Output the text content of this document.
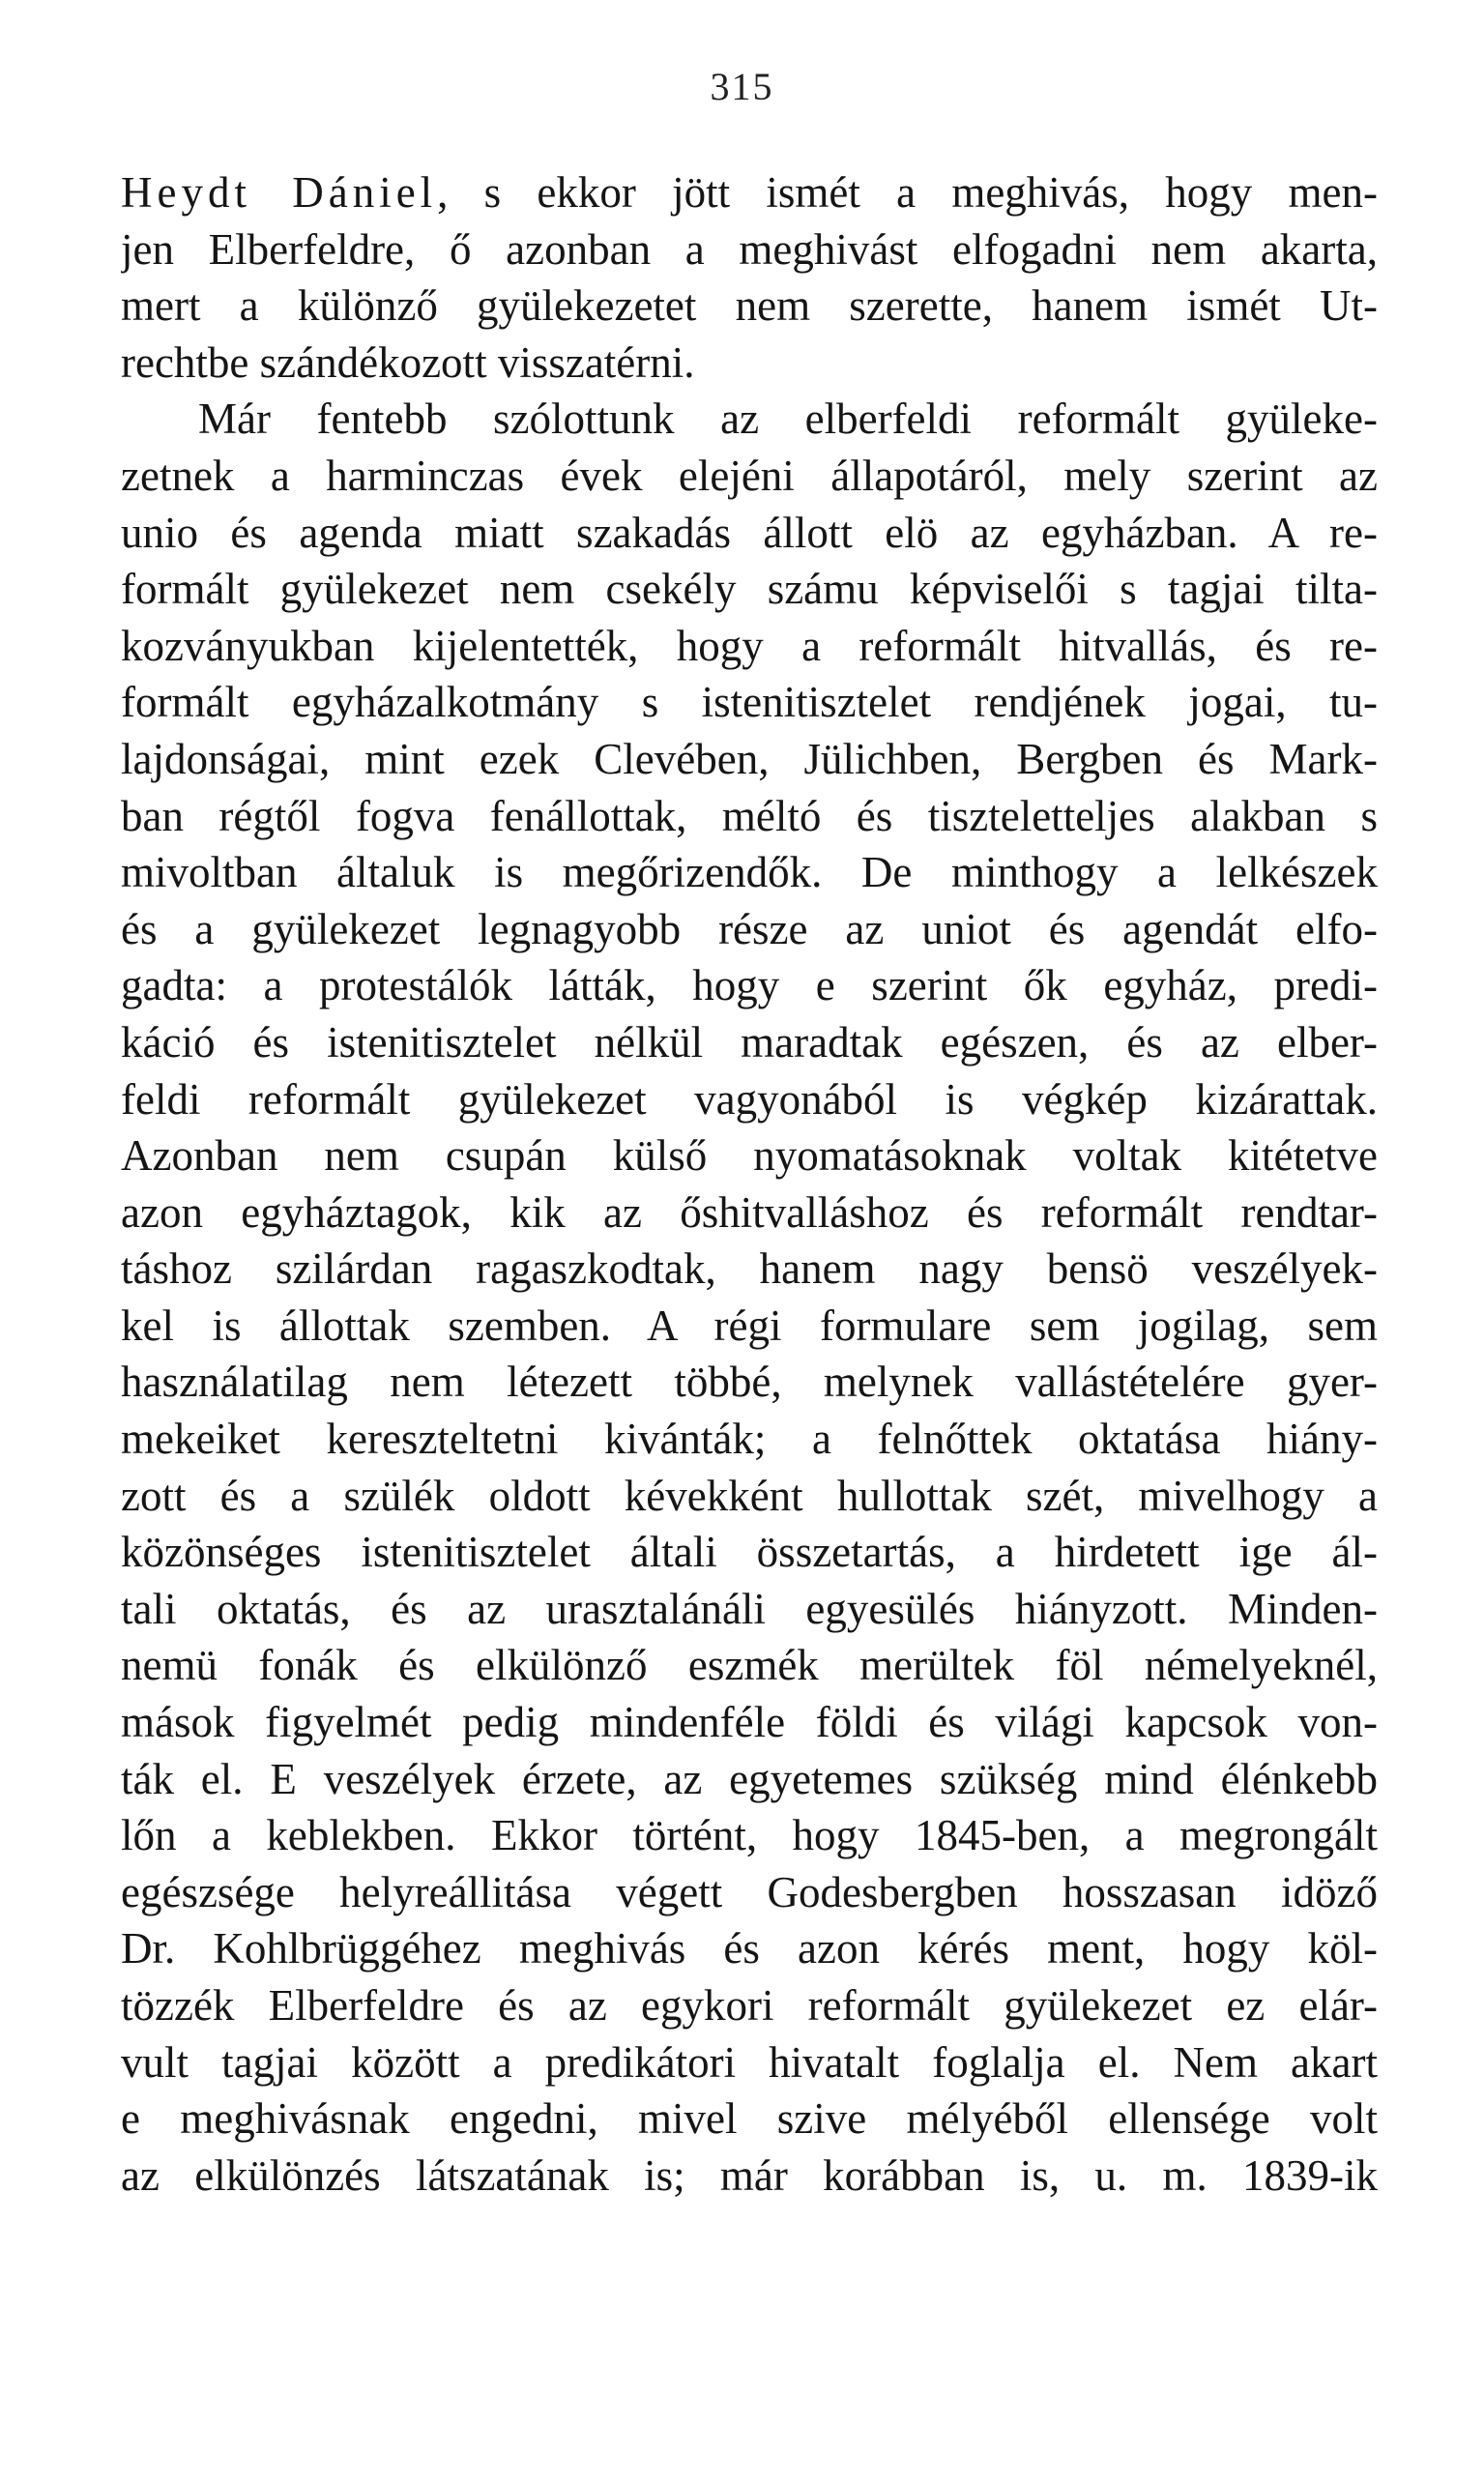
315
Heydt Dániel, s ekkor jött ismét a meghivás, hogy men-
jen Elberfeldre, ő azonban a meghivást elfogadni nem akarta,
mert a különző gyülekezetet nem szerette, hanem ismét Ut-
rechtbe szándékozott visszatérni.
Már fentebb szólottunk az elberfeldi reformált gyüleke-
zetnek a harminczas évek elejéni állapotáról, mely szerint az
unio és agenda miatt szakadás állott elö az egyházban. A re-
formált gyülekezet nem csekély számu képviselői s tagjai tilta-
kozványukban kijelentették, hogy a reformált hitvallás, és re-
formált egyházalkotmány s istenitisztelet rendjének jogai, tu-
lajdonságai, mint ezek Clevében, Jülichben, Bergben és Mark-
ban régtől fogva fenállottak, méltó és tiszteletteljes alakban s
mivoltban általuk is megőrizendők. De minthogy a lelkészek
és a gyülekezet legnagyobb része az uniot és agendát elfo-
gadta: a protestálók látták, hogy e szerint ők egyház, predi-
káció és istenitisztelet nélkül maradtak egészen, és az elber-
feldi reformált gyülekezet vagyonából is végkép kizárattak.
Azonban nem csupán külső nyomatásoknak voltak kitétetve
azon egyháztagok, kik az őshitvalláshoz és reformált rendtar-
táshoz szilárdan ragaszkodtak, hanem nagy bensö veszélyek-
kel is állottak szemben. A régi formulare sem jogilag, sem
használatilag nem létezett többé, melynek vallástételére gyer-
mekeiket kereszteltetni kivánták; a felnőttek oktatása hiány-
zott és a szülék oldott kévekként hullottak szét, mivelhogy a
közönséges istenitisztelet általi összetartás, a hirdetett ige ál-
tali oktatás, és az urasztalánáli egyesülés hiányzott. Minden-
nemü fonák és elkülönző eszmék merültek föl némelyeknél,
mások figyelmét pedig mindenféle földi és világi kapcsok von-
ták el. E veszélyek érzete, az egyetemes szükség mind élénkebb
lőn a keblekben. Ekkor történt, hogy 1845-ben, a megrongált
egészsége helyreállitása végett Godesbergben hosszasan idöző
Dr. Kohlbrüggéhez meghivás és azon kérés ment, hogy köl-
tözzék Elberfeldre és az egykori reformált gyülekezet ez elár-
vult tagjai között a predikátori hivatalt foglalja el. Nem akart
e meghivásnak engedni, mivel szive mélyéből ellensége volt
az elkülönzés látszatának is; már korábban is, u. m. 1839-ik
